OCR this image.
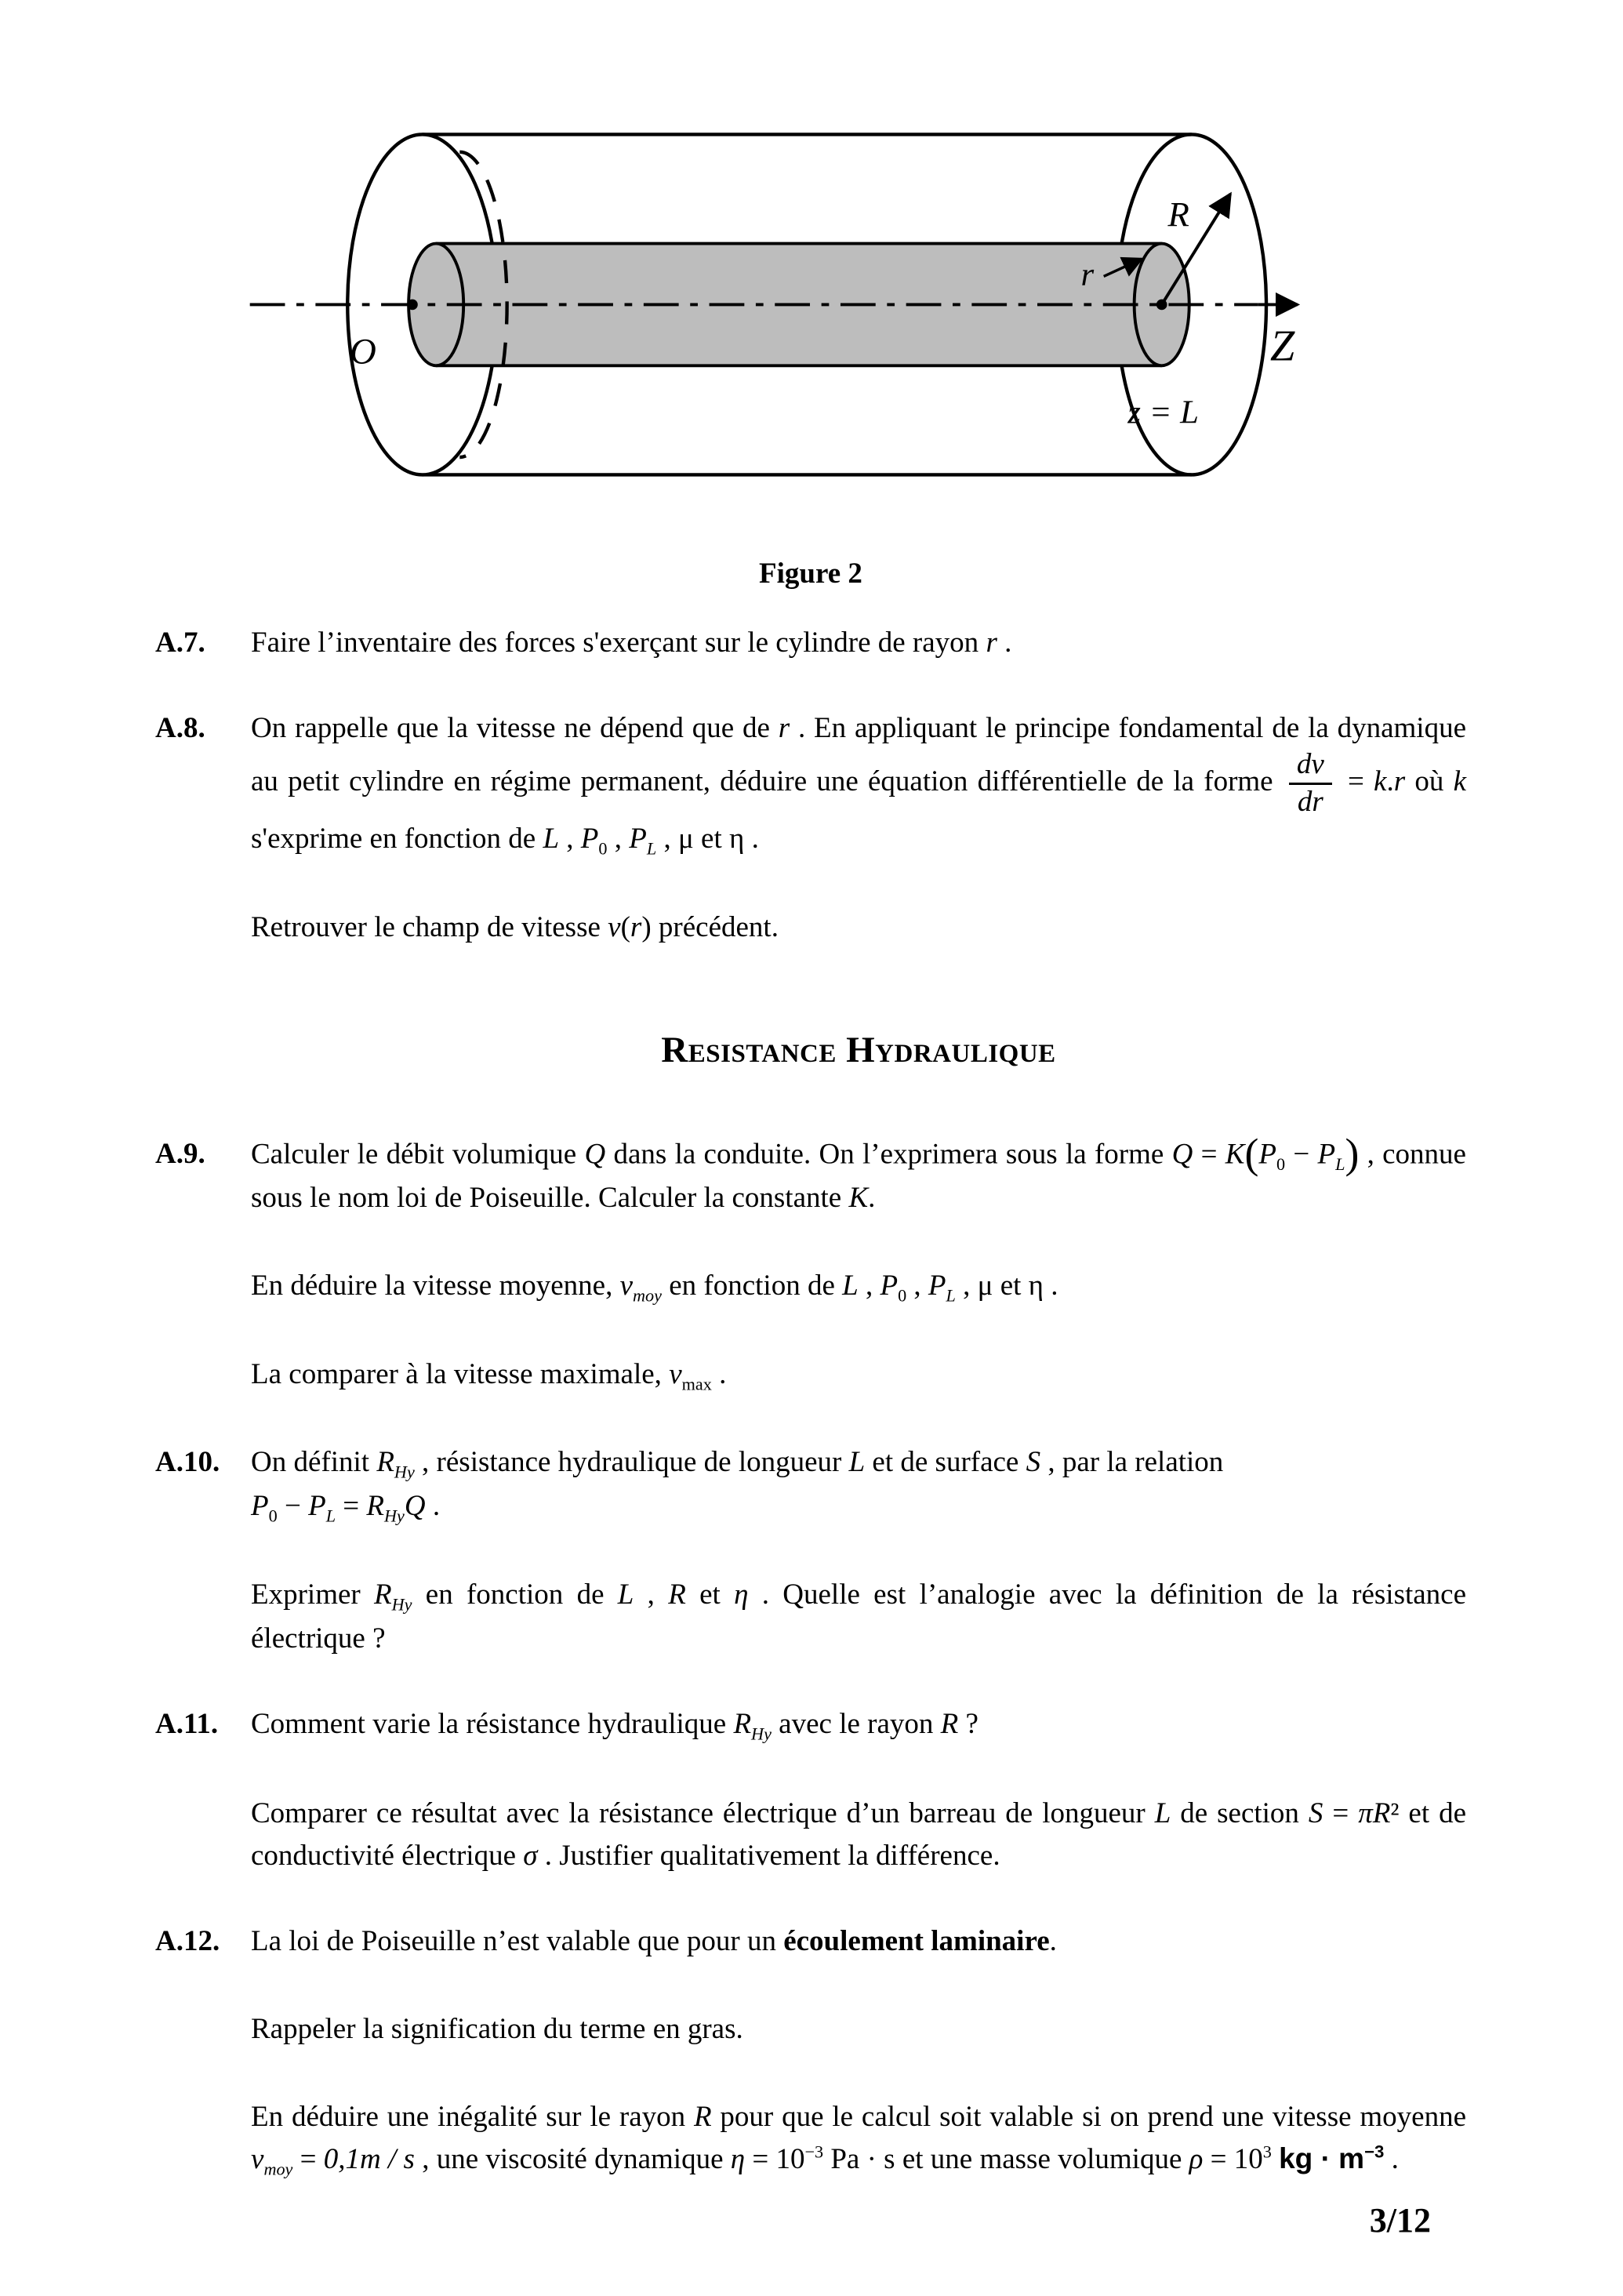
O	Z
R
r
z = L
Figure 2
A.7.	Faire l’inventaire des forces s'exerçant sur le cylindre de rayon r .

A.8.	On rappelle que la vitesse ne dépend que de r . En appliquant le principe fondamental de la dynamique au petit cylindre en régime permanent, déduire une équation différentielle de la forme $\frac{dv}{dr} = k.r$ où k s'exprime en fonction de L , $P_0$ , $P_L$ , μ et η .

Retrouver le champ de vitesse v(r) précédent.

Resistance Hydraulique
A.9.	Calculer le débit volumique Q dans la conduite. On l’exprimera sous la forme $Q = K(P_0 - P_L)$ , connue sous le nom loi de Poiseuille. Calculer la constante K.

En déduire la vitesse moyenne, $v_{moy}$ en fonction de L , $P_0$ , $P_L$ , μ et η .

La comparer à la vitesse maximale, $v_{max}$ .

A.10.	On définit $R_{Hy}$ , résistance hydraulique de longueur L et de surface S , par la relation
$P_0 - P_L = R_{Hy}Q$ .

Exprimer $R_{Hy}$ en fonction de L , R et η . Quelle est l’analogie avec la définition de la résistance électrique ?

A.11.	Comment varie la résistance hydraulique $R_{Hy}$ avec le rayon R ?

Comparer ce résultat avec la résistance électrique d’un barreau de longueur L de section S = πR² et de conductivité électrique σ . Justifier qualitativement la différence.

A.12.	La loi de Poiseuille n’est valable que pour un écoulement laminaire.

Rappeler la signification du terme en gras.

En déduire une inégalité sur le rayon R pour que le calcul soit valable si on prend une vitesse moyenne $v_{moy} = 0,1m / s$ , une viscosité dynamique $\eta = 10^{-3}$ Pa · s et une masse volumique $\rho = 10^3$ kg · $m^{-3}$ .

3/12
